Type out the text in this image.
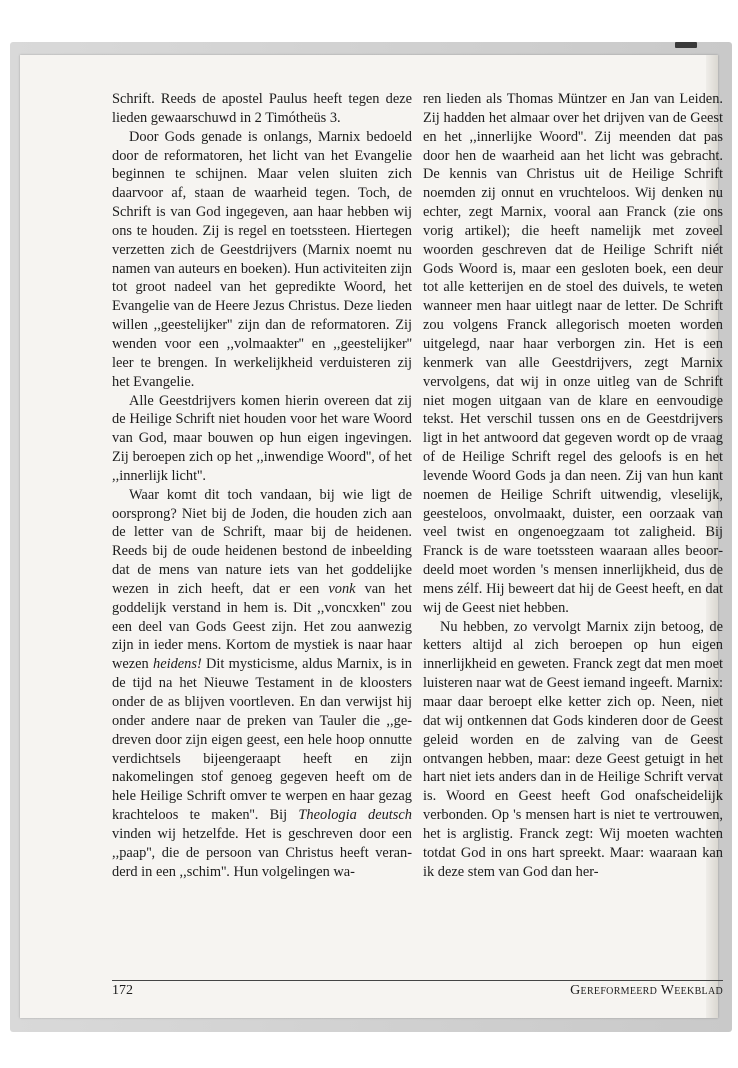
Schrift. Reeds de apostel Paulus heeft tegen deze lieden gewaarschuwd in 2 Timótheüs 3.

Door Gods genade is onlangs, Marnix bedoeld door de reformatoren, het licht van het Evangelie beginnen te schijnen. Maar velen sluiten zich daarvoor af, staan de waarheid tegen. Toch, de Schrift is van God ingegeven, aan haar hebben wij ons te houden. Zij is regel en toetssteen. Hiertegen verzetten zich de Geestdrijvers (Marnix noemt nu namen van auteurs en boeken). Hun activiteiten zijn tot groot nadeel van het gepredikte Woord, het Evangelie van de Heere Jezus Christus. Deze lieden willen ,,geestelijker'' zijn dan de reformatoren. Zij wenden voor een ,,volmaakter'' en ,,geestelijker'' leer te brengen. In werkelijkheid verduisteren zij het Evangelie.

Alle Geestdrijvers komen hierin overeen dat zij de Heilige Schrift niet houden voor het ware Woord van God, maar bouwen op hun eigen ingevingen. Zij beroepen zich op het ,,inwendige Woord'', of het ,,innerlijk licht''.

Waar komt dit toch vandaan, bij wie ligt de oorsprong? Niet bij de Joden, die houden zich aan de letter van de Schrift, maar bij de heidenen. Reeds bij de oude heidenen bestond de inbeelding dat de mens van nature iets van het goddelijke wezen in zich heeft, dat er een vonk van het goddelijk verstand in hem is. Dit ,,voncxken'' zou een deel van Gods Geest zijn. Het zou aanwezig zijn in ieder mens. Kortom de mystiek is naar haar wezen heidens! Dit mysticisme, aldus Marnix, is in de tijd na het Nieuwe Testament in de kloosters onder de as blijven voortleven. En dan verwijst hij onder andere naar de preken van Tauler die ,,gedreven door zijn eigen geest, een hele hoop onnutte verdichtsels bijeengeraapt heeft en zijn nakomelingen stof genoeg gegeven heeft om de hele Heilige Schrift omver te werpen en haar gezag krachteloos te maken''. Bij Theologia deutsch vinden wij hetzelfde. Het is geschreven door een ,,paap'', die de persoon van Christus heeft veranderd in een ,,schim''. Hun volgelingen wa-

ren lieden als Thomas Müntzer en Jan van Leiden. Zij hadden het almaar over het drijven van de Geest en het ,,innerlijke Woord''. Zij meenden dat pas door hen de waarheid aan het licht was gebracht. De kennis van Christus uit de Heilige Schrift noemden zij onnut en vruchteloos. Wij denken nu echter, zegt Marnix, vooral aan Franck (zie ons vorig artikel); die heeft namelijk met zoveel woorden geschreven dat de Heilige Schrift niét Gods Woord is, maar een gesloten boek, een deur tot alle ketterijen en de stoel des duivels, te weten wanneer men haar uitlegt naar de letter. De Schrift zou volgens Franck allegorisch moeten worden uitgelegd, naar haar verborgen zin. Het is een kenmerk van alle Geestdrijvers, zegt Marnix vervolgens, dat wij in onze uitleg van de Schrift niet mogen uitgaan van de klare en eenvoudige tekst. Het verschil tussen ons en de Geestdrijvers ligt in het antwoord dat gegeven wordt op de vraag of de Heilige Schrift regel des geloofs is en het levende Woord Gods ja dan neen. Zij van hun kant noemen de Heilige Schrift uitwendig, vleselijk, geesteloos, onvolmaakt, duister, een oorzaak van veel twist en ongenoegzaam tot zaligheid. Bij Franck is de ware toetssteen waaraan alles beoordeeld moet worden 's mensen innerlijkheid, dus de mens zélf. Hij beweert dat hij de Geest heeft, en dat wij de Geest niet hebben.

Nu hebben, zo vervolgt Marnix zijn betoog, de ketters altijd al zich beroepen op hun eigen innerlijkheid en geweten. Franck zegt dat men moet luisteren naar wat de Geest iemand ingeeft. Marnix: maar daar beroept elke ketter zich op. Neen, niet dat wij ontkennen dat Gods kinderen door de Geest geleid worden en de zalving van de Geest ontvangen hebben, maar: deze Geest getuigt in het hart niet iets anders dan in de Heilige Schrift vervat is. Woord en Geest heeft God onafscheidelijk verbonden. Op 's mensen hart is niet te vertrouwen, het is arglistig. Franck zegt: Wij moeten wachten totdat God in ons hart spreekt. Maar: waaraan kan ik deze stem van God dan her-

172	Gereformeerd Weekblad
